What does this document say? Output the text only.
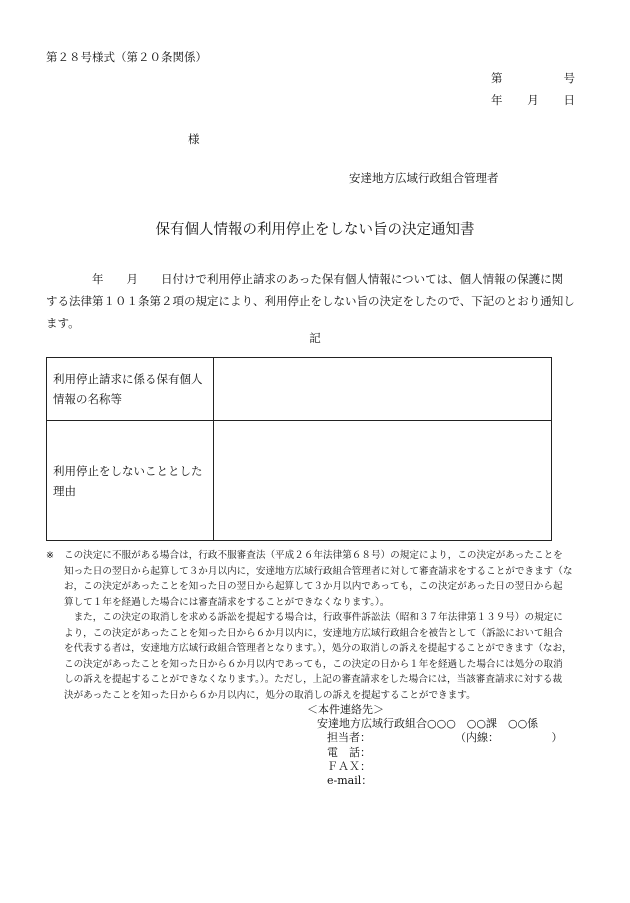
第２８号様式（第２０条関係）
第	号
年 月 日
様
安達地方広域行政組合管理者
保有個人情報の利用停止をしない旨の決定通知書
　　　　年　　月　　日付けで利用停止請求のあった保有個人情報については、個人情報の保護に関
する法律第１０１条第２項の規定により、利用停止をしない旨の決定をしたので、下記のとおり通知し
ます。
記
利用停止請求に係る保有個人
情報の名称等	

利用停止をしないこととした
理由	

※ この決定に不服がある場合は，行政不服審査法（平成２６年法律第６８号）の規定により，この決定があったことを
知った日の翌日から起算して３か月以内に，安達地方広域行政組合管理者に対して審査請求をすることができます（な
お，この決定があったことを知った日の翌日から起算して３か月以内であっても，この決定があった日の翌日から起
算して１年を経過した場合には審査請求をすることができなくなります。）。
　また，この決定の取消しを求める訴訟を提起する場合は，行政事件訴訟法（昭和３７年法律第１３９号）の規定に
より，この決定があったことを知った日から６か月以内に，安達地方広域行政組合を被告として（訴訟において組合
を代表する者は，安達地方広域行政組合管理者となります。），処分の取消しの訴えを提起することができます（なお，
この決定があったことを知った日から６か月以内であっても，この決定の日から１年を経過した場合には処分の取消
しの訴えを提起することができなくなります。）。ただし，上記の審査請求をした場合には，当該審査請求に対する裁
決があったことを知った日から６か月以内に，処分の取消しの訴えを提起することができます。
＜本件連絡先＞
安達地方広域行政組合○○○　○○課　○○係
担当者：	（内線：	）
電　話：
ＦＡＸ：
e-mail：
